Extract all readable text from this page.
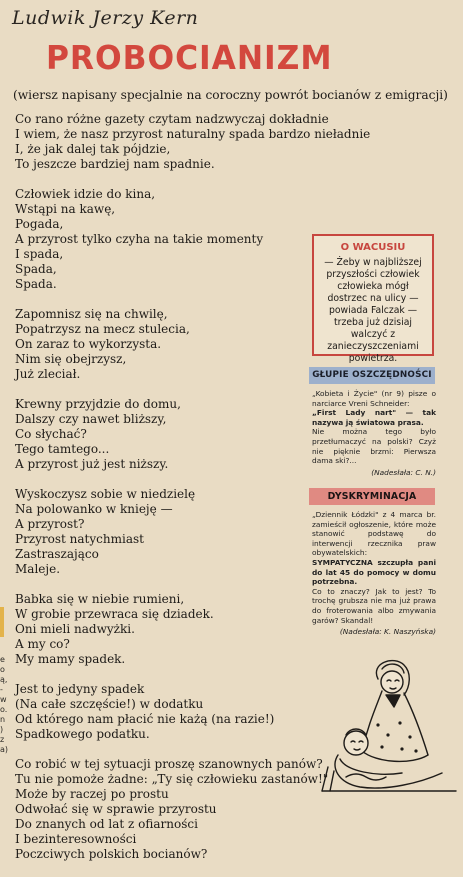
Ludwik Jerzy Kern
PROBOCIANIZM
(wiersz napisany specjalnie na coroczny powrót bocianów z emigracji)
Co rano różne gazety czytam nadzwyczaj dokładnie
I wiem, że nasz przyrost naturalny spada bardzo nieładnie
I, że jak dalej tak pójdzie,
To jeszcze bardziej nam spadnie.
Człowiek idzie do kina,
Wstąpi na kawę,
Pogada,
A przyrost tylko czyha na takie momenty
I spada,
Spada,
Spada.
Zapomnisz się na chwilę,
Popatrzysz na mecz stulecia,
On zaraz to wykorzysta.
Nim się obejrzysz,
Już zleciał.
Krewny przyjdzie do domu,
Dalszy czy nawet bliższy,
Co słychać?
Tego tamtego...
A przyrost już jest niższy.
Wyskoczysz sobie w niedzielę
Na polowanko w knieję —
A przyrost?
Przyrost natychmiast
Zastraszająco
Maleje.
Babka się w niebie rumieni,
W grobie przewraca się dziadek.
Oni mieli nadwyżki.
A my co?
My mamy spadek.
Jest to jedyny spadek
(Na całe szczęście!) w dodatku
Od którego nam płacić nie każą (na razie!)
Spadkowego podatku.
Co robić w tej sytuacji proszę szanownych panów?
Tu nie pomoże żadne: „Ty się człowieku zastanów!"
Może by raczej po prostu
Odwołać się w sprawie przyrostu
Do znanych od lat z ofiarności
I bezinteresowności
Poczciwych polskich bocianów?
e
o
ą,
-
w
o.
n
)
z
a)
O WACUSIU
— Żeby w najbliższej przyszłości człowiek człowieka mógł dostrzec na ulicy — powiada Falczak — trzeba już dzisiaj walczyć z zanieczyszczeniami powietrza.
GŁUPIE OSZCZĘDNOŚCI

„Kobieta i Życie" (nr 9) pisze o narciarce Vreni Schneider:

„First Lady nart" — tak nazywa ją światowa prasa.

Nie można tego było przetłumaczyć na polski? Czyż nie pięknie brzmi: Pierwsza dama ski?...

(Nadesłała: C. N.)

DYSKRYMINACJA

„Dziennik Łódzki" z 4 marca br. zamieścił ogłoszenie, które może stanowić podstawę do interwencji rzecznika praw obywatelskich:

SYMPATYCZNA szczupła pani do lat 45 do pomocy w domu potrzebna.

Co to znaczy? Jak to jest? To trochę grubsza nie ma już prawa do froterowania albo zmywania garów? Skandal!

(Nadesłała: K. Naszyńska)
